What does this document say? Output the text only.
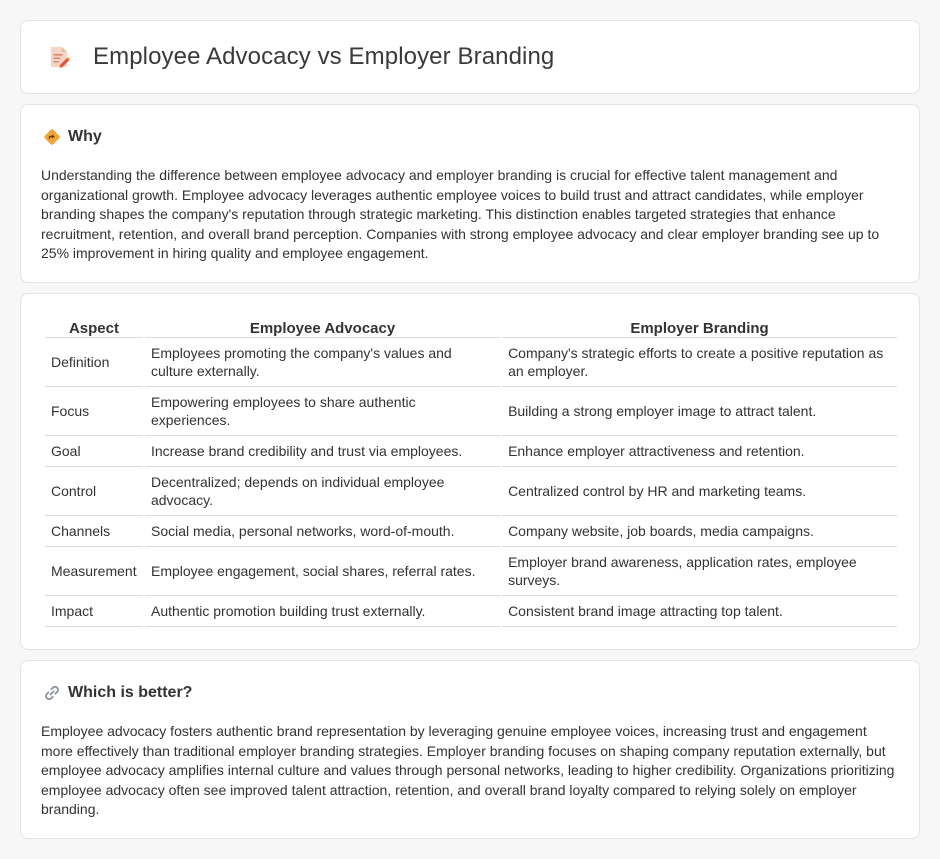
Employee Advocacy vs Employer Branding
Why

Understanding the difference between employee advocacy and employer branding is crucial for effective talent management and organizational growth. Employee advocacy leverages authentic employee voices to build trust and attract candidates, while employer branding shapes the company's reputation through strategic marketing. This distinction enables targeted strategies that enhance recruitment, retention, and overall brand perception. Companies with strong employee advocacy and clear employer branding see up to 25% improvement in hiring quality and employee engagement.

Aspect	Employee Advocacy	Employer Branding
Definition	Employees promoting the company's values and culture externally.	Company's strategic efforts to create a positive reputation as an employer.
Focus	Empowering employees to share authentic experiences.	Building a strong employer image to attract talent.
Goal	Increase brand credibility and trust via employees.	Enhance employer attractiveness and retention.
Control	Decentralized; depends on individual employee advocacy.	Centralized control by HR and marketing teams.
Channels	Social media, personal networks, word-of-mouth.	Company website, job boards, media campaigns.
Measurement	Employee engagement, social shares, referral rates.	Employer brand awareness, application rates, employee surveys.
Impact	Authentic promotion building trust externally.	Consistent brand image attracting top talent.
Which is better?

Employee advocacy fosters authentic brand representation by leveraging genuine employee voices, increasing trust and engagement more effectively than traditional employer branding strategies. Employer branding focuses on shaping company reputation externally, but employee advocacy amplifies internal culture and values through personal networks, leading to higher credibility. Organizations prioritizing employee advocacy often see improved talent attraction, retention, and overall brand loyalty compared to relying solely on employer branding.
